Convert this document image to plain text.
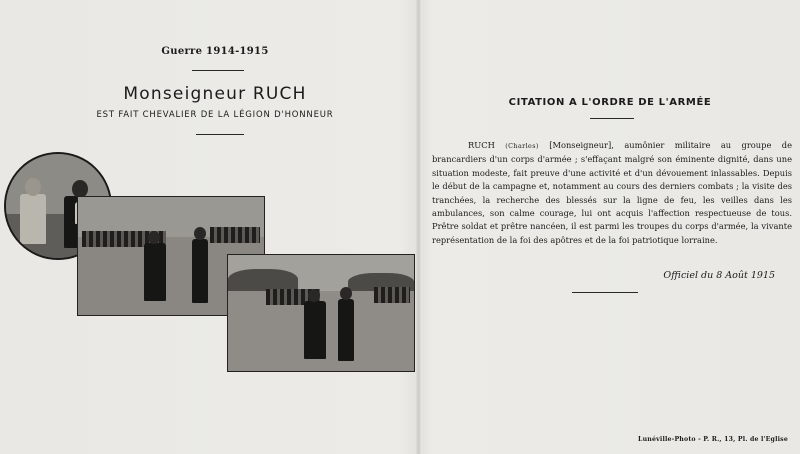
Guerre 1914-1915
Monseigneur RUCH
EST FAIT CHEVALIER DE LA LÉGION D'HONNEUR
CITATION A L'ORDRE DE L'ARMÉE
RUCH (Charles) [Monseigneur], aumônier militaire au groupe de brancardiers d'un corps d'armée ; s'effaçant malgré son éminente dignité, dans une situation modeste, fait preuve d'une activité et d'un dévouement inlassables. Depuis le début de la campagne et, notamment au cours des derniers combats ; la visite des tranchées, la recherche des blessés sur la ligne de feu, les veilles dans les ambulances, son calme courage, lui ont acquis l'affection respectueuse de tous. Prêtre soldat et prêtre nancéen, il est parmi les troupes du corps d'armée, la vivante représentation de la foi des apôtres et de la foi patriotique lorraine.
Officiel du 8 Août 1915
Lunéville-Photo - P. R., 13, Pl. de l'Eglise
